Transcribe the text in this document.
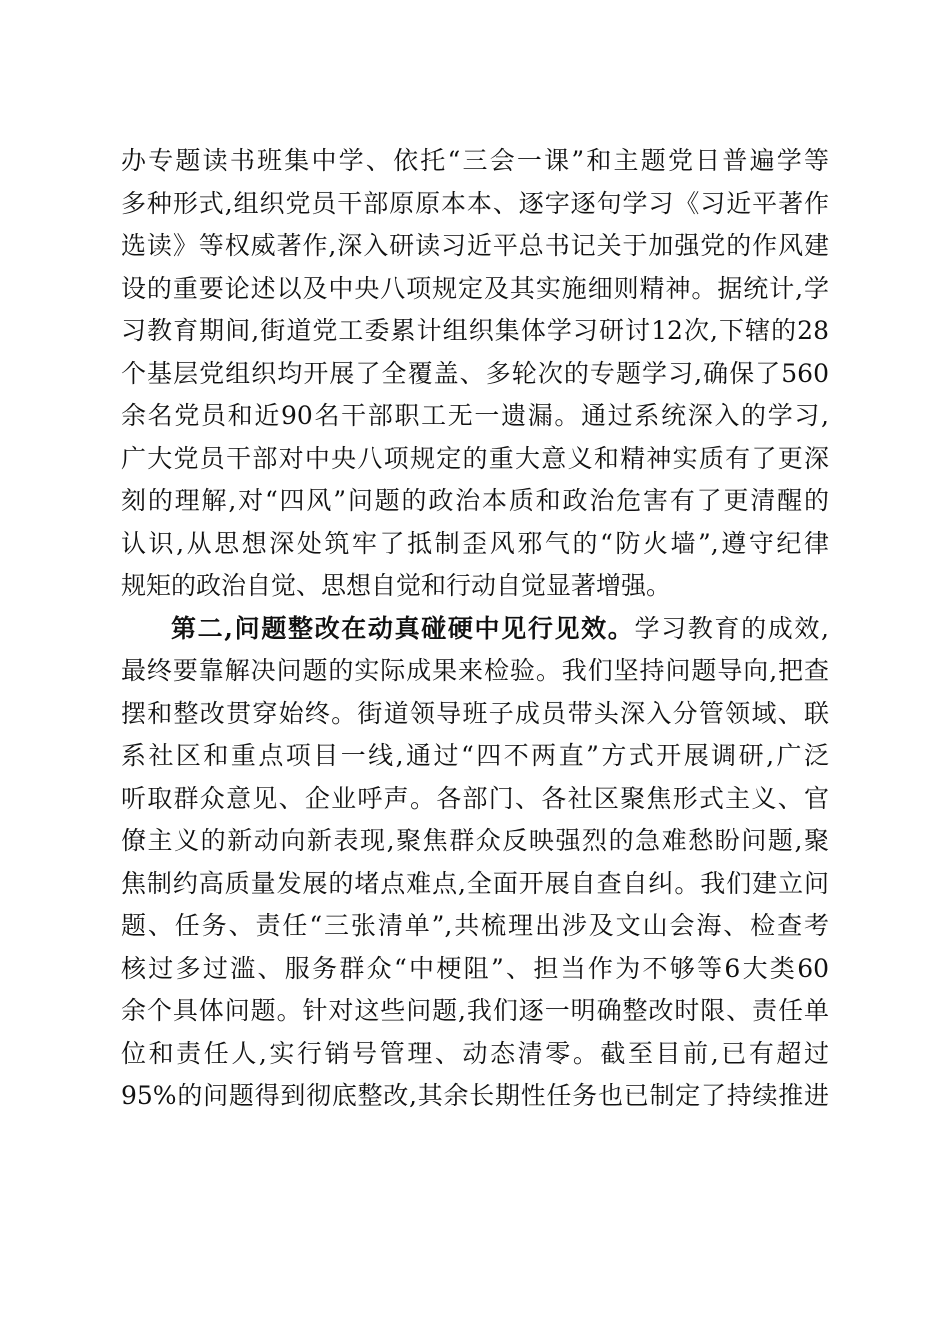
办专题读书班集中学、依托“三会一课”和主题党日普遍学等
多种形式,组织党员干部原原本本、逐字逐句学习《习近平著作
选读》等权威著作,深入研读习近平总书记关于加强党的作风建
设的重要论述以及中央八项规定及其实施细则精神。据统计,学
习教育期间,街道党工委累计组织集体学习研讨12次,下辖的28
个基层党组织均开展了全覆盖、多轮次的专题学习,确保了560
余名党员和近90名干部职工无一遗漏。通过系统深入的学习,
广大党员干部对中央八项规定的重大意义和精神实质有了更深
刻的理解,对“四风”问题的政治本质和政治危害有了更清醒的
认识,从思想深处筑牢了抵制歪风邪气的“防火墙”,遵守纪律
规矩的政治自觉、思想自觉和行动自觉显著增强。
第二,问题整改在动真碰硬中见行见效。学习教育的成效,
最终要靠解决问题的实际成果来检验。我们坚持问题导向,把查
摆和整改贯穿始终。街道领导班子成员带头深入分管领域、联
系社区和重点项目一线,通过“四不两直”方式开展调研,广泛
听取群众意见、企业呼声。各部门、各社区聚焦形式主义、官
僚主义的新动向新表现,聚焦群众反映强烈的急难愁盼问题,聚
焦制约高质量发展的堵点难点,全面开展自查自纠。我们建立问
题、任务、责任“三张清单”,共梳理出涉及文山会海、检查考
核过多过滥、服务群众“中梗阻”、担当作为不够等6大类60
余个具体问题。针对这些问题,我们逐一明确整改时限、责任单
位和责任人,实行销号管理、动态清零。截至目前,已有超过
95%的问题得到彻底整改,其余长期性任务也已制定了持续推进
